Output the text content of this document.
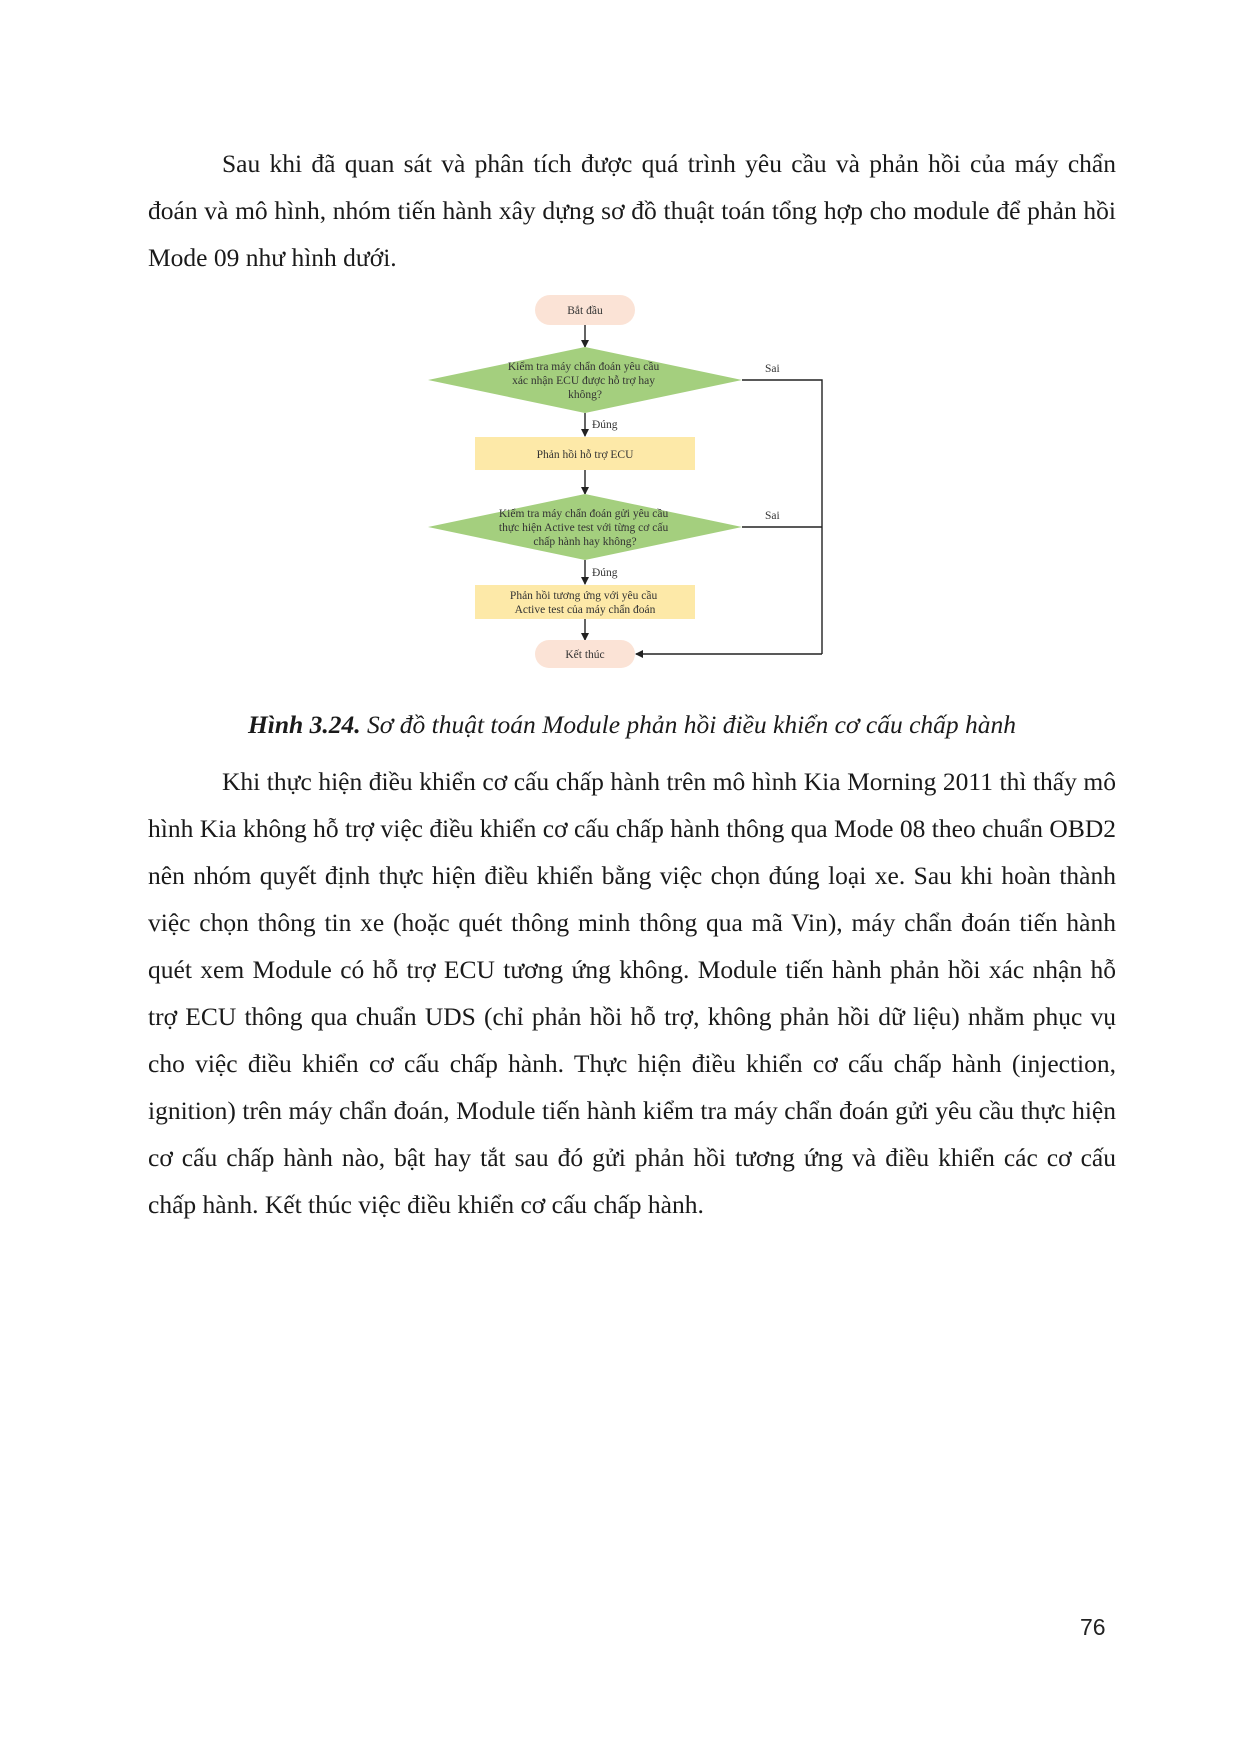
Sau khi đã quan sát và phân tích được quá trình yêu cầu và phản hồi của máy chẩn đoán và mô hình, nhóm tiến hành xây dựng sơ đồ thuật toán tổng hợp cho module để phản hồi Mode 09 như hình dưới.

Bắt đầu
Kiểm tra máy chẩn đoán yêu cầu xác nhận ECU được hỗ trợ hay không?
Đúng
Phản hồi hỗ trợ ECU
Kiểm tra máy chẩn đoán gửi yêu cầu thực hiện Active test với từng cơ cấu chấp hành hay không?
Đúng
Phản hồi tương ứng với yêu cầu Active test của máy chẩn đoán
Kết thúc
Sai
Sai

Hình 3.24. Sơ đồ thuật toán Module phản hồi điều khiển cơ cấu chấp hành

Khi thực hiện điều khiển cơ cấu chấp hành trên mô hình Kia Morning 2011 thì thấy mô hình Kia không hỗ trợ việc điều khiển cơ cấu chấp hành thông qua Mode 08 theo chuẩn OBD2 nên nhóm quyết định thực hiện điều khiển bằng việc chọn đúng loại xe. Sau khi hoàn thành việc chọn thông tin xe (hoặc quét thông minh thông qua mã Vin), máy chẩn đoán tiến hành quét xem Module có hỗ trợ ECU tương ứng không. Module tiến hành phản hồi xác nhận hỗ trợ ECU thông qua chuẩn UDS (chỉ phản hồi hỗ trợ, không phản hồi dữ liệu) nhằm phục vụ cho việc điều khiển cơ cấu chấp hành. Thực hiện điều khiển cơ cấu chấp hành (injection, ignition) trên máy chẩn đoán, Module tiến hành kiểm tra máy chẩn đoán gửi yêu cầu thực hiện cơ cấu chấp hành nào, bật hay tắt sau đó gửi phản hồi tương ứng và điều khiển các cơ cấu chấp hành. Kết thúc việc điều khiển cơ cấu chấp hành.

76
